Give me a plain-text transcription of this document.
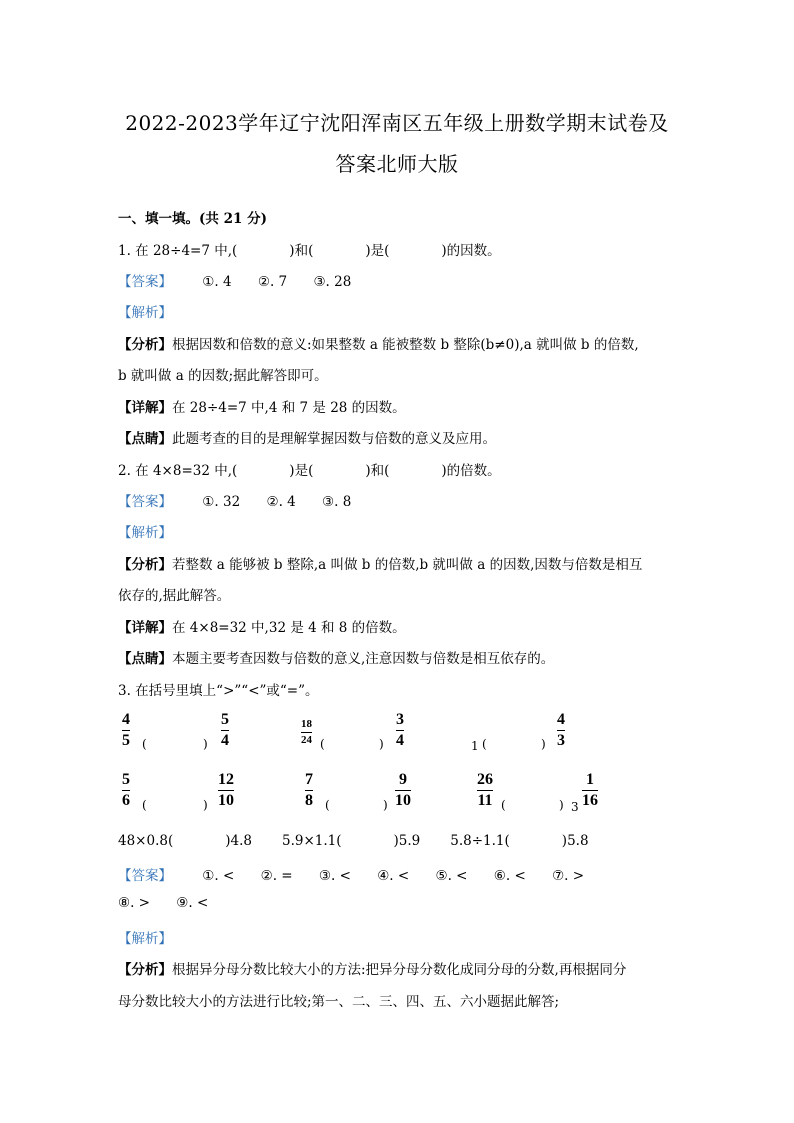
2022-2023学年辽宁沈阳浑南区五年级上册数学期末试卷及
答案北师大版
一、填一填。(共 21 分)
1. 在 28÷4=7 中,(	)和(	)是(	)的因数。
【答案】 ①. 4 ②. 7 ③. 28
【解析】
【分析】根据因数和倍数的意义:如果整数 a 能被整数 b 整除(b≠0),a 就叫做 b 的倍数,
b 就叫做 a 的因数;据此解答即可。
【详解】在 28÷4=7 中,4 和 7 是 28 的因数。
【点睛】此题考查的目的是理解掌握因数与倍数的意义及应用。
2. 在 4×8=32 中,(	)是(	)和(	)的倍数。
【答案】 ①. 32 ②. 4 ③. 8
【解析】
【分析】若整数 a 能够被 b 整除,a 叫做 b 的倍数,b 就叫做 a 的因数,因数与倍数是相互
依存的,据此解答。
【详解】在 4×8=32 中,32 是 4 和 8 的倍数。
【点睛】本题主要考查因数与倍数的意义,注意因数与倍数是相互依存的。
3. 在括号里填上“>”“<”或“=”。
4
5 (	)
5
4
18
24 (	)
3
4	1 (	)
4
3
5
6 (	)
12
10
7
8 (	)
9
10
26
11 (	) 3
1
16
48×0.8(	)4.8 5.9×1.1(	)5.9 5.8÷1.1(	)5.8
【答案】 ①. < ②. = ③. < ④. < ⑤. < ⑥. < ⑦. >
⑧. > ⑨. <
【解析】
【分析】根据异分母分数比较大小的方法:把异分母分数化成同分母的分数,再根据同分
母分数比较大小的方法进行比较;第一、二、三、四、五、六小题据此解答;
